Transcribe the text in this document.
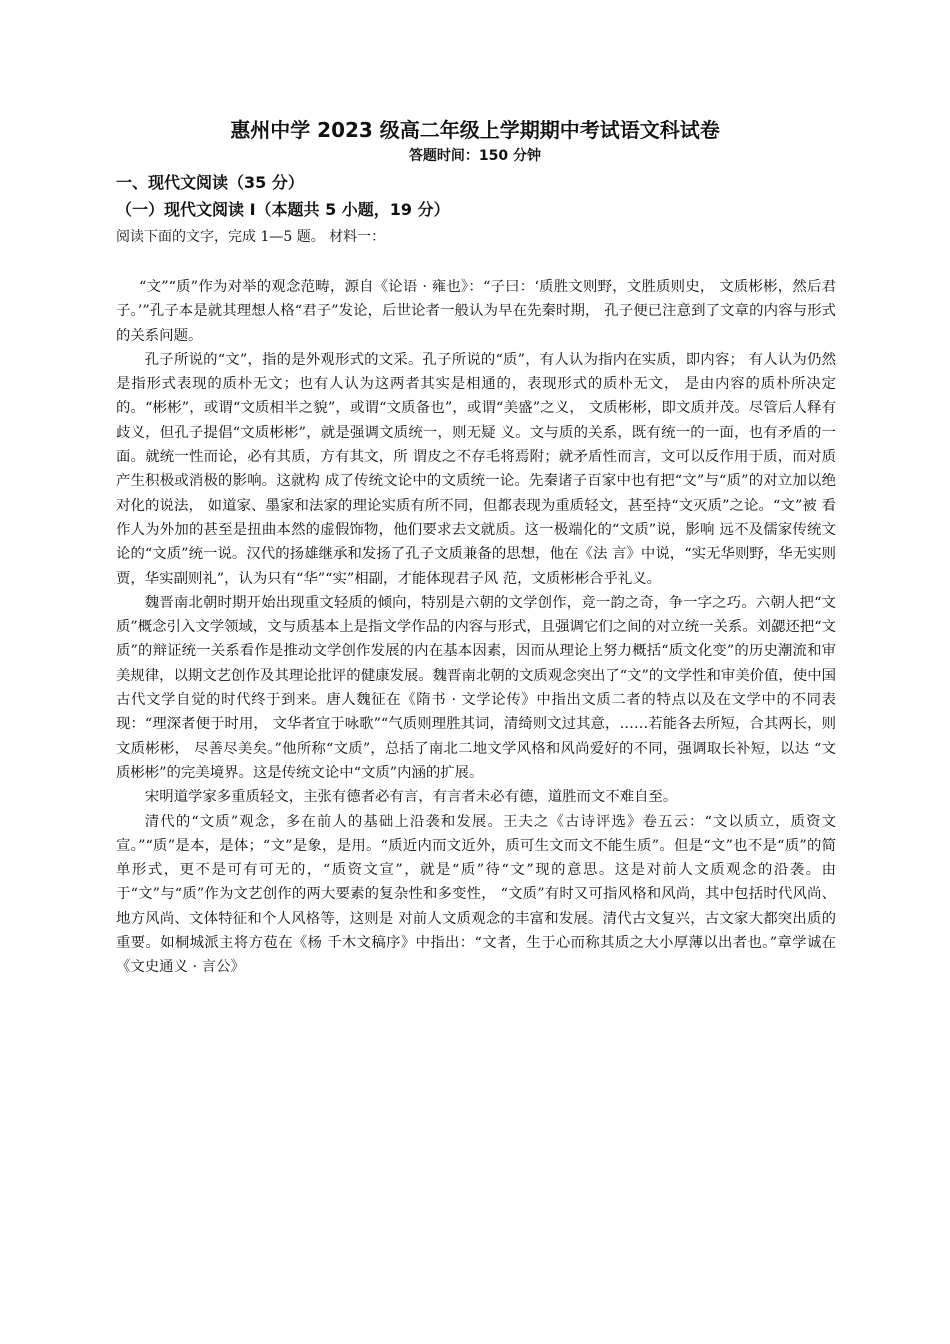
惠州中学 2023 级高二年级上学期期中考试语文科试卷
答题时间：150 分钟
一、现代文阅读（35 分）
（一）现代文阅读 I（本题共 5 小题，19 分）
阅读下面的文字，完成 1—5 题。 材料一：

“文”“质”作为对举的观念范畴，源自《论语 · 雍也》：“子曰：‘质胜文则野，文胜质则史， 文质彬彬，然后君子。’”孔子本是就其理想人格“君子”发论，后世论者一般认为早在先秦时期， 孔子便已注意到了文章的内容与形式的关系问题。

孔子所说的“文”，指的是外观形式的文采。孔子所说的“质”，有人认为指内在实质，即内容； 有人认为仍然是指形式表现的质朴无文；也有人认为这两者其实是相通的，表现形式的质朴无文， 是由内容的质朴所决定的。“彬彬”，或谓“文质相半之貌”，或谓“文质备也”，或谓“美盛”之义， 文质彬彬，即文质并茂。尽管后人释有歧义，但孔子提倡“文质彬彬”，就是强调文质统一，则无疑 义。文与质的关系，既有统一的一面，也有矛盾的一面。就统一性而论，必有其质，方有其文，所 谓皮之不存毛将焉附；就矛盾性而言，文可以反作用于质，而对质产生积极或消极的影响。这就构 成了传统文论中的文质统一论。先秦诸子百家中也有把“文”与“质”的对立加以绝对化的说法， 如道家、墨家和法家的理论实质有所不同，但都表现为重质轻文，甚至持“文灭质”之论。“文”被 看作人为外加的甚至是扭曲本然的虚假饰物，他们要求去文就质。这一极端化的“文质”说，影响 远不及儒家传统文论的“文质”统一说。汉代的扬雄继承和发扬了孔子文质兼备的思想，他在《法 言》中说，“实无华则野，华无实则贾，华实副则礼”，认为只有“华”“实”相副，才能体现君子风 范，文质彬彬合乎礼义。

魏晋南北朝时期开始出现重文轻质的倾向，特别是六朝的文学创作，竞一韵之奇，争一字之巧。六朝人把“文质”概念引入文学领域，文与质基本上是指文学作品的内容与形式，且强调它们之间的对立统一关系。刘勰还把“文质”的辩证统一关系看作是推动文学创作发展的内在基本因素，因而从理论上努力概括“质文化变”的历史潮流和审美规律，以期文艺创作及其理论批评的健康发展。魏晋南北朝的文质观念突出了“文”的文学性和审美价值，使中国古代文学自觉的时代终于到来。唐人魏征在《隋书 · 文学论传》中指出文质二者的特点以及在文学中的不同表现：“理深者便于时用， 文华者宜于咏歌”“气质则理胜其词，清绮则文过其意，……若能各去所短，合其两长，则文质彬彬， 尽善尽美矣。”他所称“文质”，总括了南北二地文学风格和风尚爱好的不同，强调取长补短，以达 “文质彬彬”的完美境界。这是传统文论中“文质”内涵的扩展。

宋明道学家多重质轻文，主张有德者必有言，有言者未必有德，道胜而文不难自至。

清代的“文质”观念，多在前人的基础上沿袭和发展。王夫之《古诗评选》卷五云：“文以质立，质资文宣。”“质”是本，是体；“文”是象，是用。“质近内而文近外，质可生文而文不能生质”。但是“文”也不是“质”的简单形式，更不是可有可无的，“质资文宣”，就是“质”待“文”现的意思。这是对前人文质观念的沿袭。由于“文”与“质”作为文艺创作的两大要素的复杂性和多变性， “文质”有时又可指风格和风尚，其中包括时代风尚、地方风尚、文体特征和个人风格等，这则是 对前人文质观念的丰富和发展。清代古文复兴，古文家大都突出质的重要。如桐城派主将方苞在《杨 千木文稿序》中指出：“文者，生于心而称其质之大小厚薄以出者也。”章学诚在《文史通义 · 言公》
